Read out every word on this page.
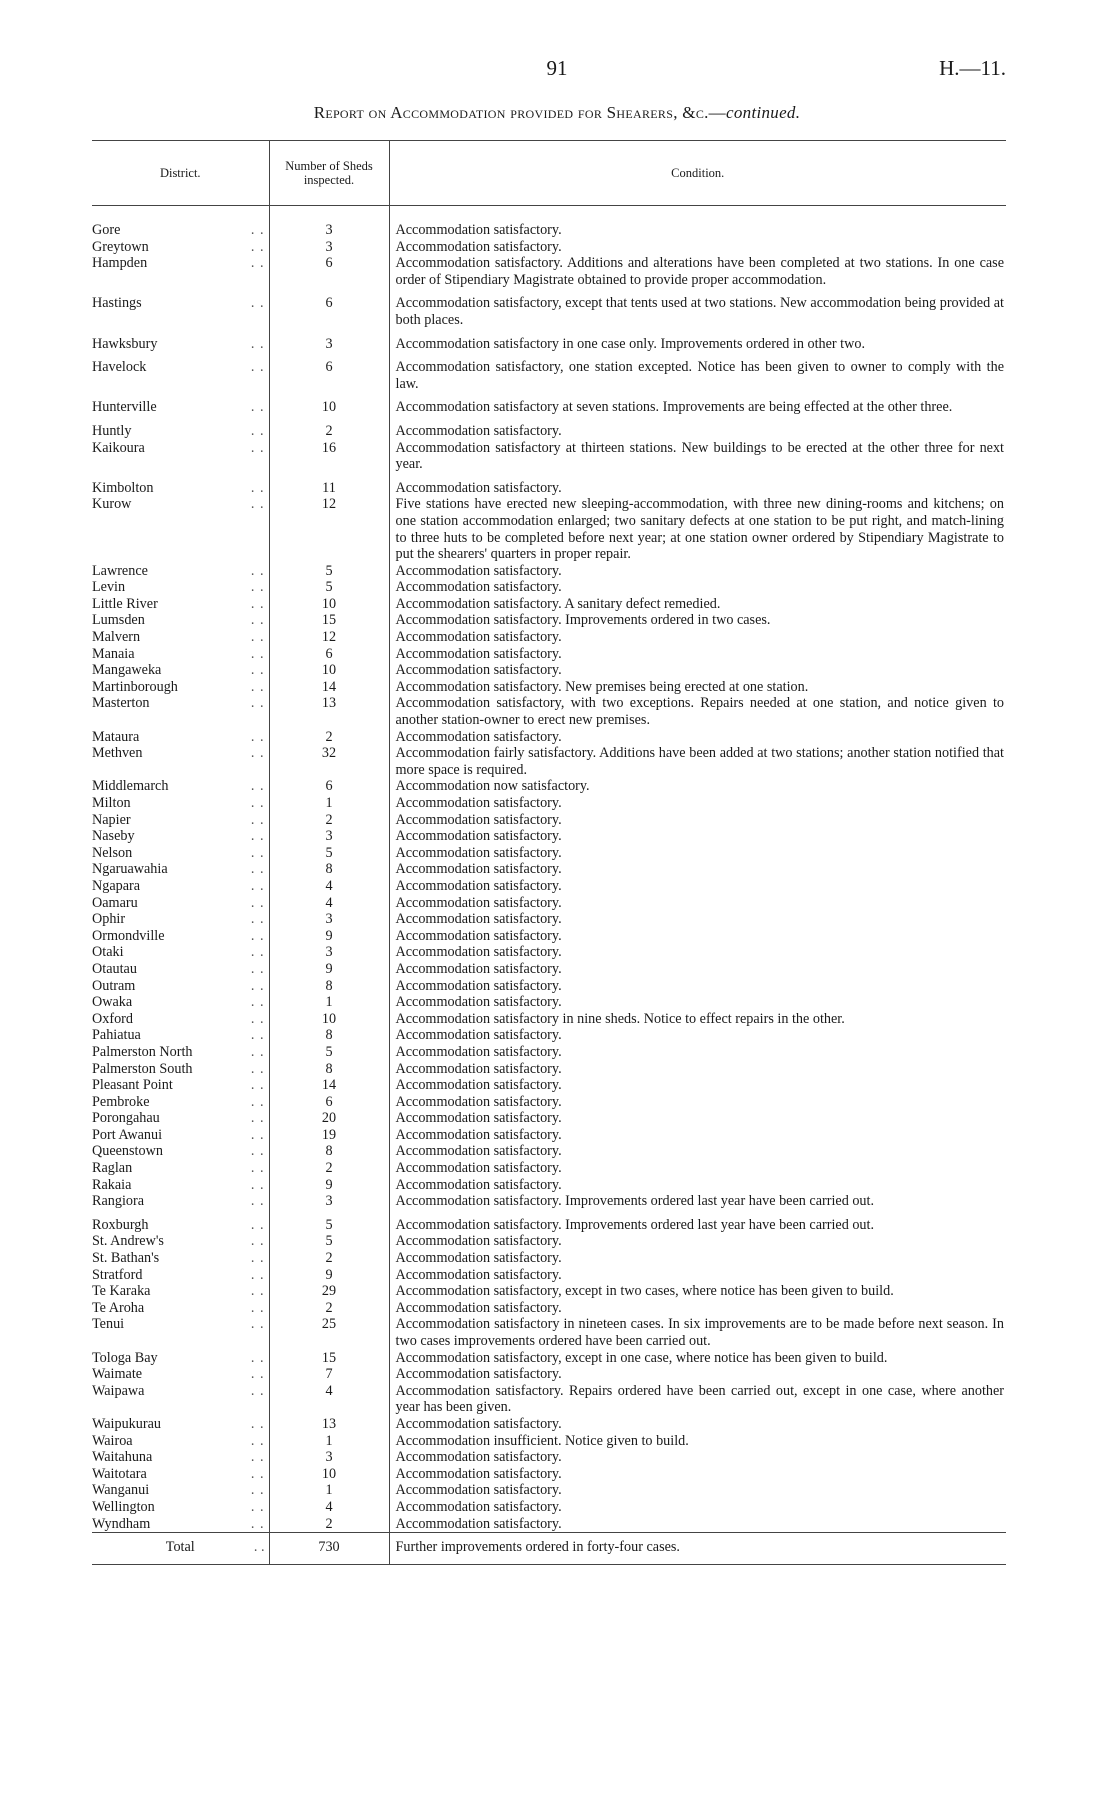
91	H.—11.
Report on Accommodation provided for Shearers, &c.—continued.
District.	Number of Sheds inspected.	Condition.
Gore . .	3	Accommodation satisfactory.
Greytown . .	3	Accommodation satisfactory.
Hampden . .	6	Accommodation satisfactory. Additions and alterations have been completed at two stations. In one case order of Stipendiary Magistrate obtained to provide proper accommodation.
Hastings . .	6	Accommodation satisfactory, except that tents used at two stations. New accommodation being provided at both places.
Hawksbury . .	3	Accommodation satisfactory in one case only. Improvements ordered in other two.
Havelock . .	6	Accommodation satisfactory, one station excepted. Notice has been given to owner to comply with the law.
Hunterville . .	10	Accommodation satisfactory at seven stations. Improvements are being effected at the other three.
Huntly . .	2	Accommodation satisfactory.
Kaikoura . .	16	Accommodation satisfactory at thirteen stations. New buildings to be erected at the other three for next year.
Kimbolton . .	11	Accommodation satisfactory.
Kurow . .	12	Five stations have erected new sleeping-accommodation, with three new dining-rooms and kitchens; on one station accommodation enlarged; two sanitary defects at one station to be put right, and match-lining to three huts to be completed before next year; at one station owner ordered by Stipendiary Magistrate to put the shearers' quarters in proper repair.
Lawrence . .	5	Accommodation satisfactory.
Levin . .	5	Accommodation satisfactory.
Little River . .	10	Accommodation satisfactory. A sanitary defect remedied.
Lumsden . .	15	Accommodation satisfactory. Improvements ordered in two cases.
Malvern . .	12	Accommodation satisfactory.
Manaia . .	6	Accommodation satisfactory.
Mangaweka . .	10	Accommodation satisfactory.
Martinborough . .	14	Accommodation satisfactory. New premises being erected at one station.
Masterton . .	13	Accommodation satisfactory, with two exceptions. Repairs needed at one station, and notice given to another station-owner to erect new premises.
Mataura . .	2	Accommodation satisfactory.
Methven . .	32	Accommodation fairly satisfactory. Additions have been added at two stations; another station notified that more space is required.
Middlemarch . .	6	Accommodation now satisfactory.
Milton . .	1	Accommodation satisfactory.
Napier . .	2	Accommodation satisfactory.
Naseby . .	3	Accommodation satisfactory.
Nelson . .	5	Accommodation satisfactory.
Ngaruawahia . .	8	Accommodation satisfactory.
Ngapara . .	4	Accommodation satisfactory.
Oamaru . .	4	Accommodation satisfactory.
Ophir . .	3	Accommodation satisfactory.
Ormondville . .	9	Accommodation satisfactory.
Otaki . .	3	Accommodation satisfactory.
Otautau . .	9	Accommodation satisfactory.
Outram . .	8	Accommodation satisfactory.
Owaka . .	1	Accommodation satisfactory.
Oxford . .	10	Accommodation satisfactory in nine sheds. Notice to effect repairs in the other.
Pahiatua . .	8	Accommodation satisfactory.
Palmerston North . .	5	Accommodation satisfactory.
Palmerston South . .	8	Accommodation satisfactory.
Pleasant Point . .	14	Accommodation satisfactory.
Pembroke . .	6	Accommodation satisfactory.
Porongahau . .	20	Accommodation satisfactory.
Port Awanui . .	19	Accommodation satisfactory.
Queenstown . .	8	Accommodation satisfactory.
Raglan . .	2	Accommodation satisfactory.
Rakaia . .	9	Accommodation satisfactory.
Rangiora . .	3	Accommodation satisfactory. Improvements ordered last year have been carried out.
Roxburgh . .	5	Accommodation satisfactory. Improvements ordered last year have been carried out.
St. Andrew's . .	5	Accommodation satisfactory.
St. Bathan's . .	2	Accommodation satisfactory.
Stratford . .	9	Accommodation satisfactory.
Te Karaka . .	29	Accommodation satisfactory, except in two cases, where notice has been given to build.
Te Aroha . .	2	Accommodation satisfactory.
Tenui . .	25	Accommodation satisfactory in nineteen cases. In six improvements are to be made before next season. In two cases improvements ordered have been carried out.
Tologa Bay . .	15	Accommodation satisfactory, except in one case, where notice has been given to build.
Waimate . .	7	Accommodation satisfactory.
Waipawa . .	4	Accommodation satisfactory. Repairs ordered have been carried out, except in one case, where another year has been given.
Waipukurau . .	13	Accommodation satisfactory.
Wairoa . .	1	Accommodation insufficient. Notice given to build.
Waitahuna . .	3	Accommodation satisfactory.
Waitotara . .	10	Accommodation satisfactory.
Wanganui . .	1	Accommodation satisfactory.
Wellington . .	4	Accommodation satisfactory.
Wyndham . .	2	Accommodation satisfactory.
Total . .	730	Further improvements ordered in forty-four cases.
